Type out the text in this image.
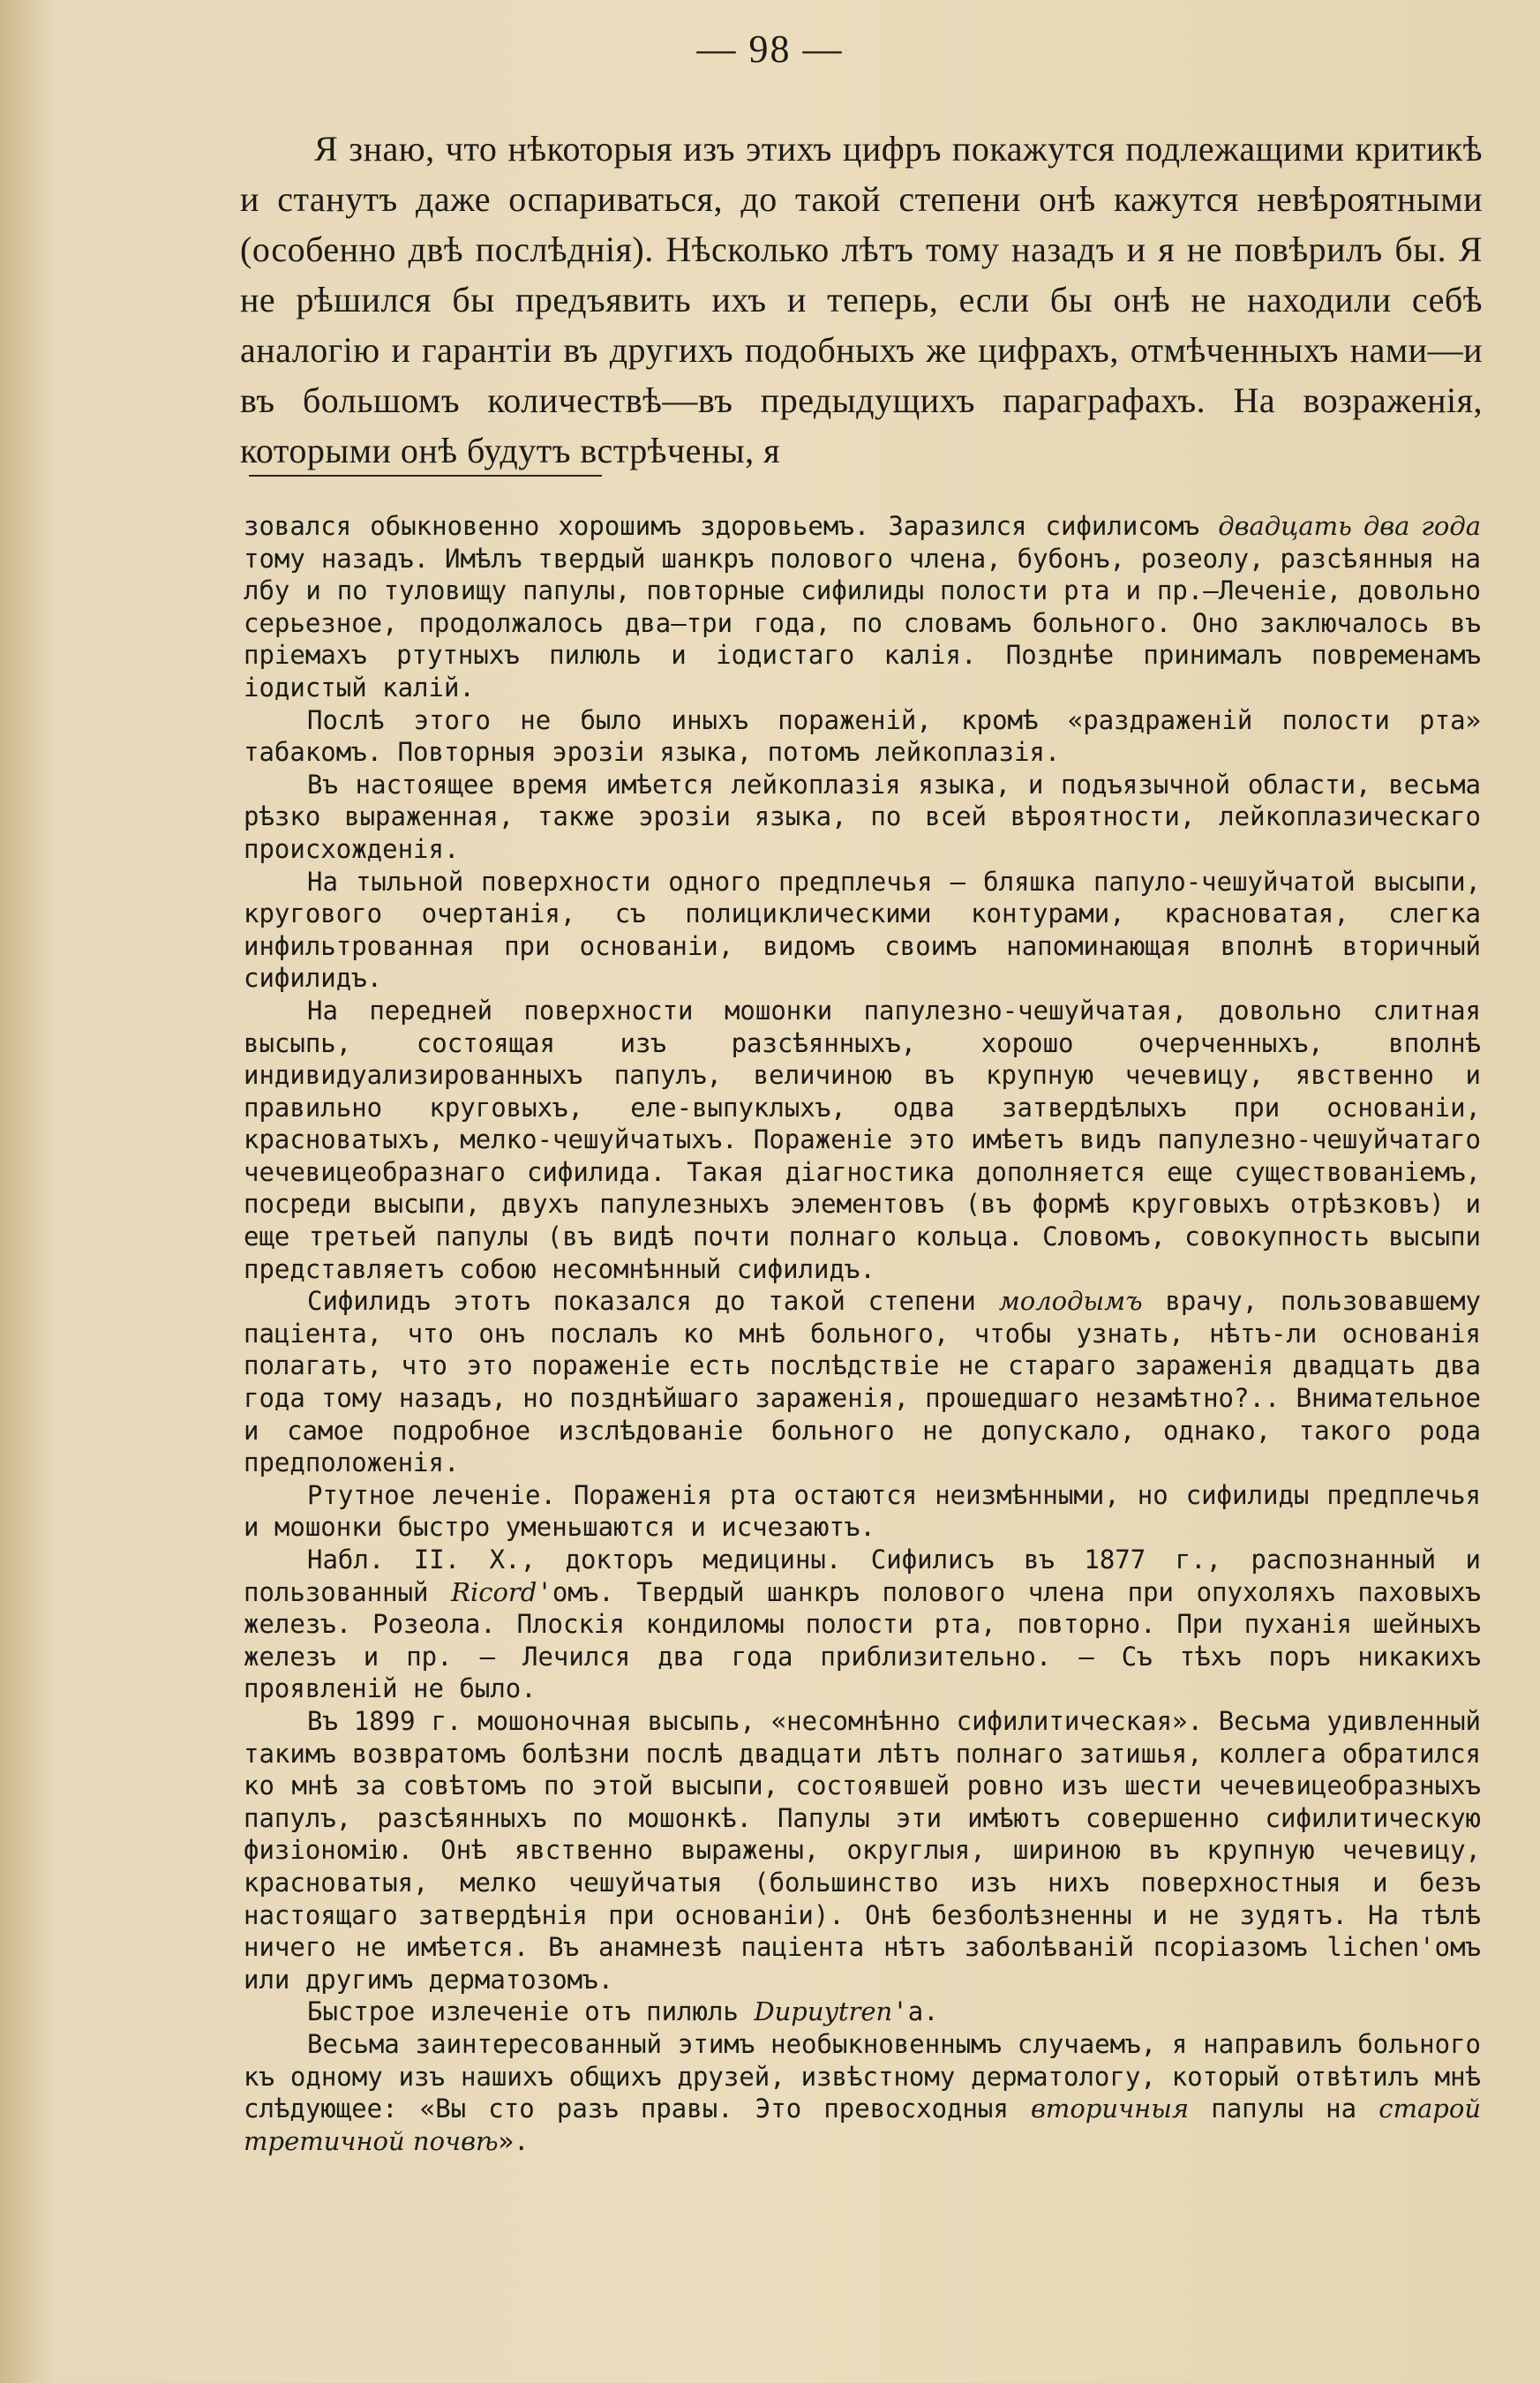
— 98 —

Я знаю, что нѣкоторыя изъ этихъ цифръ покажутся подлежащими критикѣ и станутъ даже оспариваться, до такой степени онѣ кажутся невѣроятными (особенно двѣ послѣднія). Нѣсколько лѣтъ тому назадъ и я не повѣрилъ бы. Я не рѣшился бы предъявить ихъ и теперь, если бы онѣ не находили себѣ аналогію и гарантіи въ другихъ подобныхъ же цифрахъ, отмѣченныхъ нами—и въ большомъ количествѣ—въ предыдущихъ параграфахъ. На возраженія, которыми онѣ будутъ встрѣчены, я

зовался обыкновенно хорошимъ здоровьемъ. Заразился сифилисомъ двадцать два года тому назадъ. Имѣлъ твердый шанкръ полового члена, бубонъ, розеолу, разсѣянныя на лбу и по туловищу папулы, повторные сифилиды полости рта и пр.—Леченіе, довольно серьезное, продолжалось два—три года, по словамъ больного. Оно заключалось въ пріемахъ ртутныхъ пилюль и іодистаго калія. Позднѣе принималъ повременамъ іодистый калій.

Послѣ этого не было иныхъ пораженій, кромѣ «раздраженій полости рта» табакомъ. Повторныя эрозіи языка, потомъ лейкоплазія.

Въ настоящее время имѣется лейкоплазія языка, и подъязычной области, весьма рѣзко выраженная, также эрозіи языка, по всей вѣроятности, лейкоплазическаго происхожденія.

На тыльной поверхности одного предплечья — бляшка папуло-чешуйчатой высыпи, кругового очертанія, съ полициклическими контурами, красноватая, слегка инфильтрованная при основаніи, видомъ своимъ напоминающая вполнѣ вторичный сифилидъ.

На передней поверхности мошонки папулезно-чешуйчатая, довольно слитная высыпь, состоящая изъ разсѣянныхъ, хорошо очерченныхъ, вполнѣ индивидуализированныхъ папулъ, величиною въ крупную чечевицу, явственно и правильно круговыхъ, еле-выпуклыхъ, одва затвердѣлыхъ при основаніи, красноватыхъ, мелко-чешуйчатыхъ. Пораженіе это имѣетъ видъ папулезно-чешуйчатаго чечевицеобразнаго сифилида. Такая діагностика дополняется еще существованіемъ, посреди высыпи, двухъ папулезныхъ элементовъ (въ формѣ круговыхъ отрѣзковъ) и еще третьей папулы (въ видѣ почти полнаго кольца. Словомъ, совокупность высыпи представляетъ собою несомнѣнный сифилидъ.

Сифилидъ этотъ показался до такой степени молодымъ врачу, пользовавшему паціента, что онъ послалъ ко мнѣ больного, чтобы узнать, нѣтъ-ли основанія полагать, что это пораженіе есть послѣдствіе не стараго зараженія двадцать два года тому назадъ, но позднѣйшаго зараженія, прошедшаго незамѣтно?.. Внимательное и самое подробное изслѣдованіе больного не допускало, однако, такого рода предположенія.

Ртутное леченіе. Пораженія рта остаются неизмѣнными, но сифилиды предплечья и мошонки быстро уменьшаются и исчезаютъ.

Набл. II. X., докторъ медицины. Сифилисъ въ 1877 г., распознанный и пользованный Ricord'омъ. Твердый шанкръ полового члена при опухоляхъ паховыхъ железъ. Розеола. Плоскія кондиломы полости рта, повторно. При пуханія шейныхъ железъ и пр. — Лечился два года приблизительно. — Съ тѣхъ поръ никакихъ проявленій не было.

Въ 1899 г. мошоночная высыпь, «несомнѣнно сифилитическая». Весьма удивленный такимъ возвратомъ болѣзни послѣ двадцати лѣтъ полнаго затишья, коллега обратился ко мнѣ за совѣтомъ по этой высыпи, состоявшей ровно изъ шести чечевицеобразныхъ папулъ, разсѣянныхъ по мошонкѣ. Папулы эти имѣютъ совершенно сифилитическую физіономію. Онѣ явственно выражены, округлыя, шириною въ крупную чечевицу, красноватыя, мелко чешуйчатыя (большинство изъ нихъ поверхностныя и безъ настоящаго затвердѣнія при основаніи). Онѣ безболѣзненны и не зудятъ. На тѣлѣ ничего не имѣется. Въ анамнезѣ паціента нѣтъ заболѣваній псоріазомъ lichen'омъ или другимъ дерматозомъ.

Быстрое излеченіе отъ пилюль Dupuytren'а.

Весьма заинтересованный этимъ необыкновеннымъ случаемъ, я направилъ больного къ одному изъ нашихъ общихъ друзей, извѣстному дерматологу, который отвѣтилъ мнѣ слѣдующее: «Вы сто разъ правы. Это превосходныя вторичныя папулы на старой третичной почвѣ».
